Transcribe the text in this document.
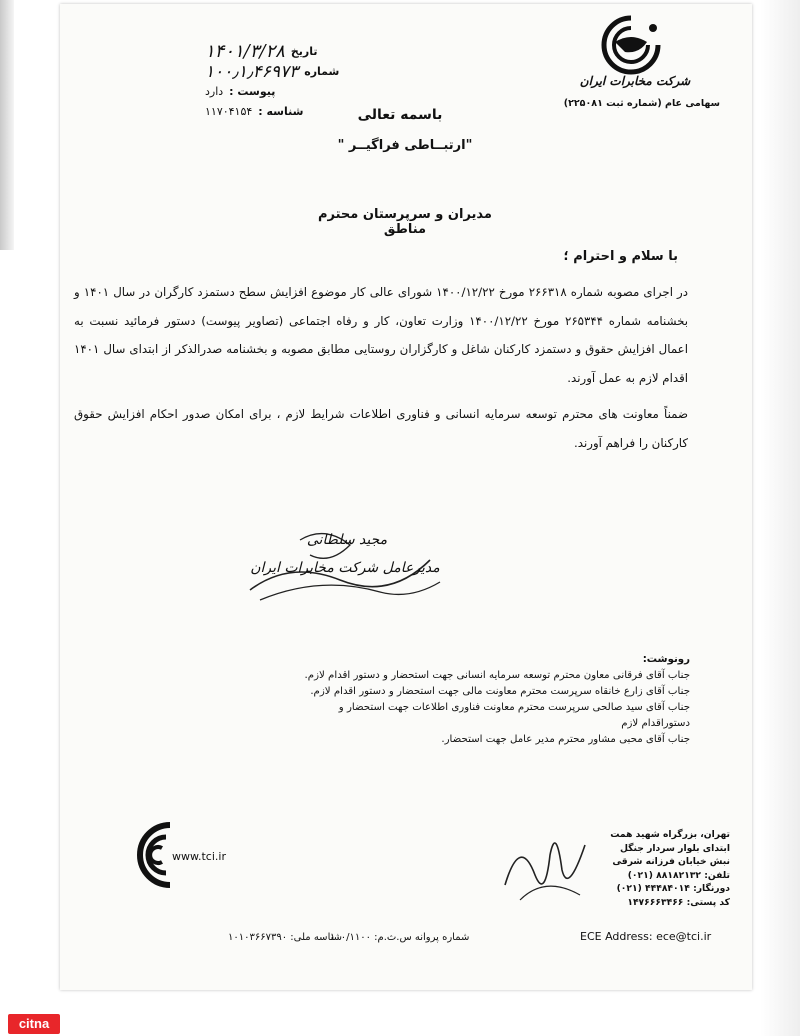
تاریخ
۱۴۰۱/۳/۲۸
شماره
۱۰۰٫۱٫۴۶۹۷۳
پیوست :
دارد
شناسه :
۱۱۷۰۴۱۵۴
شرکت مخابرات ایران
سهامی عام (شماره ثبت ۲۲۵۰۸۱)
باسمه تعالی
"ارتبــاطی فراگیــر "
مدیران و سرپرستان محترم مناطق
با سلام و احترام ؛

در اجرای مصوبه شماره ۲۶۶۳۱۸ مورخ ۱۴۰۰/۱۲/۲۲ شورای عالی کار موضوع افزایش سطح دستمزد کارگران در سال ۱۴۰۱ و بخشنامه شماره ۲۶۵۳۴۴ مورخ ۱۴۰۰/۱۲/۲۲ وزارت تعاون، کار و رفاه اجتماعی (تصاویر پیوست) دستور فرمائید نسبت به اعمال افزایش حقوق و دستمزد کارکنان شاغل و کارگزاران روستایی مطابق مصوبه و بخشنامه صدرالذکر از ابتدای سال ۱۴۰۱ اقدام لازم به عمل آورند.

ضمناً معاونت های محترم توسعه سرمایه انسانی و فناوری اطلاعات شرایط لازم ، برای امکان صدور احکام افزایش حقوق کارکنان را فراهم آورند.

مجید سلطانی
مدیرعامل شرکت مخابرات ایران
رونوشت:
جناب آقای فرقانی معاون محترم توسعه سرمایه انسانی جهت استحضار و دستور اقدام لازم.
جناب آقای زارع خانقاه سرپرست محترم معاونت مالی جهت استحضار و دستور اقدام لازم.
جناب آقای سید صالحی سرپرست محترم معاونت فناوری اطلاعات جهت استحضار و دستوراقدام لازم
جناب آقای محبی مشاور محترم مدیر عامل جهت استحضار.
تهران، بزرگراه شهید همت
ابتدای بلوار سردار جنگل
نبش خیابان فرزانه شرقی
تلفن: ۸۸۱۸۲۱۳۲ (۰۲۱)
دورنگار: ۴۴۴۸۴۰۱۴ (۰۲۱)
کد پستی: ۱۴۷۶۶۶۳۴۶۶
www.tci.ir
شناسه ملی: ۱۰۱۰۳۶۶۷۳۹۰
شماره پروانه س.ث.م: ۱۰۰/۱۱۰۰	ECE Address: ece@tci.ir
citna
